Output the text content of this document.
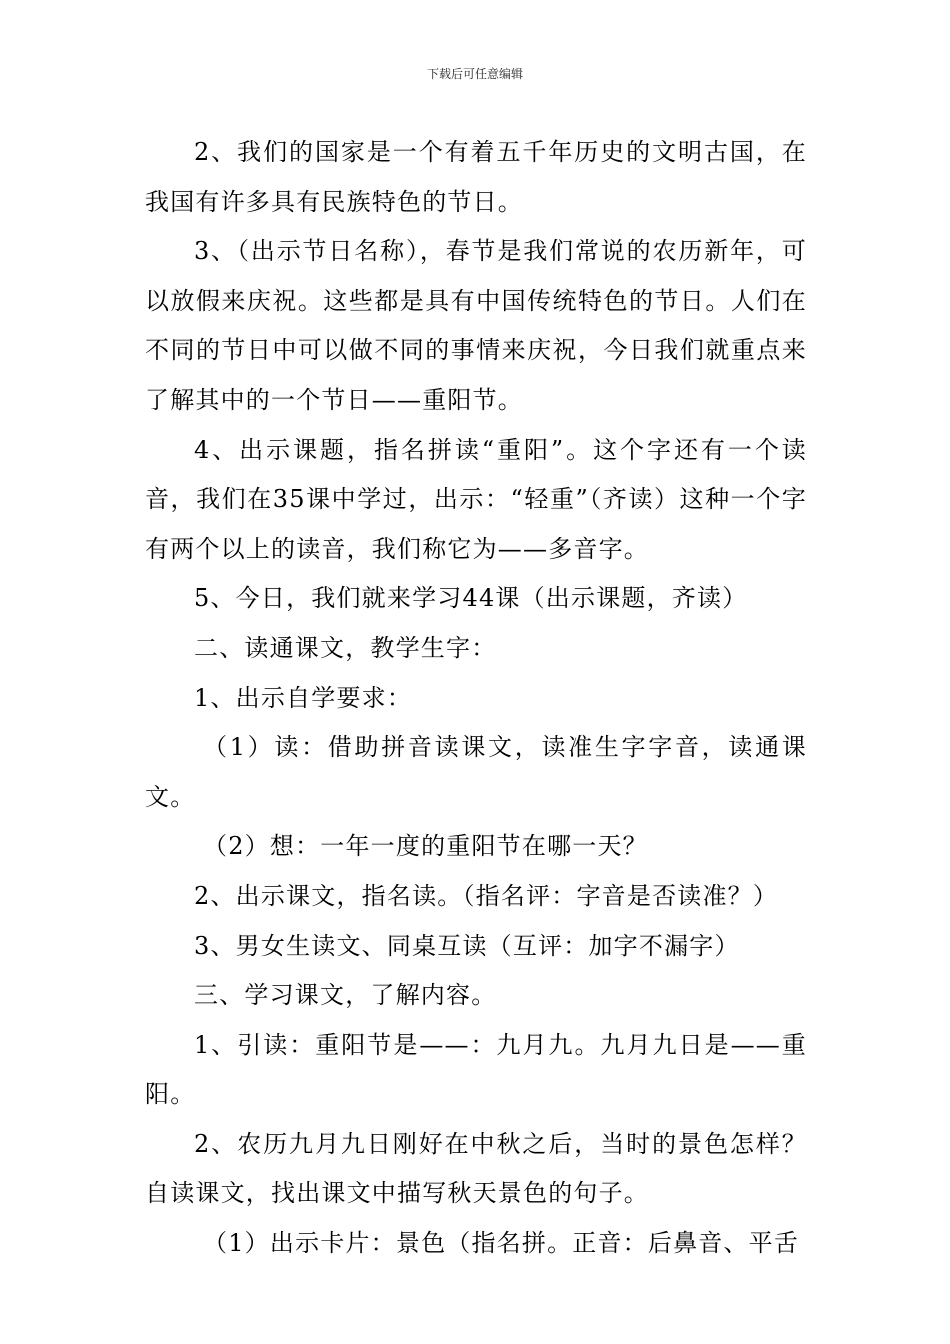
下载后可任意编辑

2、我们的国家是一个有着五千年历史的文明古国，在我国有许多具有民族特色的节日。

3、（出示节日名称），春节是我们常说的农历新年，可以放假来庆祝。这些都是具有中国传统特色的节日。人们在不同的节日中可以做不同的事情来庆祝，今日我们就重点来了解其中的一个节日——重阳节。

4、出示课题，指名拼读“重阳”。这个字还有一个读音，我们在35课中学过，出示：“轻重”（齐读）这种一个字有两个以上的读音，我们称它为——多音字。

5、今日，我们就来学习44课（出示课题，齐读）

二、读通课文，教学生字：

1、出示自学要求：

（1）读：借助拼音读课文，读准生字字音，读通课文。

（2）想：一年一度的重阳节在哪一天？

2、出示课文，指名读。（指名评：字音是否读准？）

3、男女生读文、同桌互读（互评：加字不漏字）

三、学习课文，了解内容。

1、引读：重阳节是——：九月九。九月九日是——重阳。

2、农历九月九日刚好在中秋之后，当时的景色怎样？自读课文，找出课文中描写秋天景色的句子。

（1）出示卡片：景色（指名拼。正音：后鼻音、平舌
